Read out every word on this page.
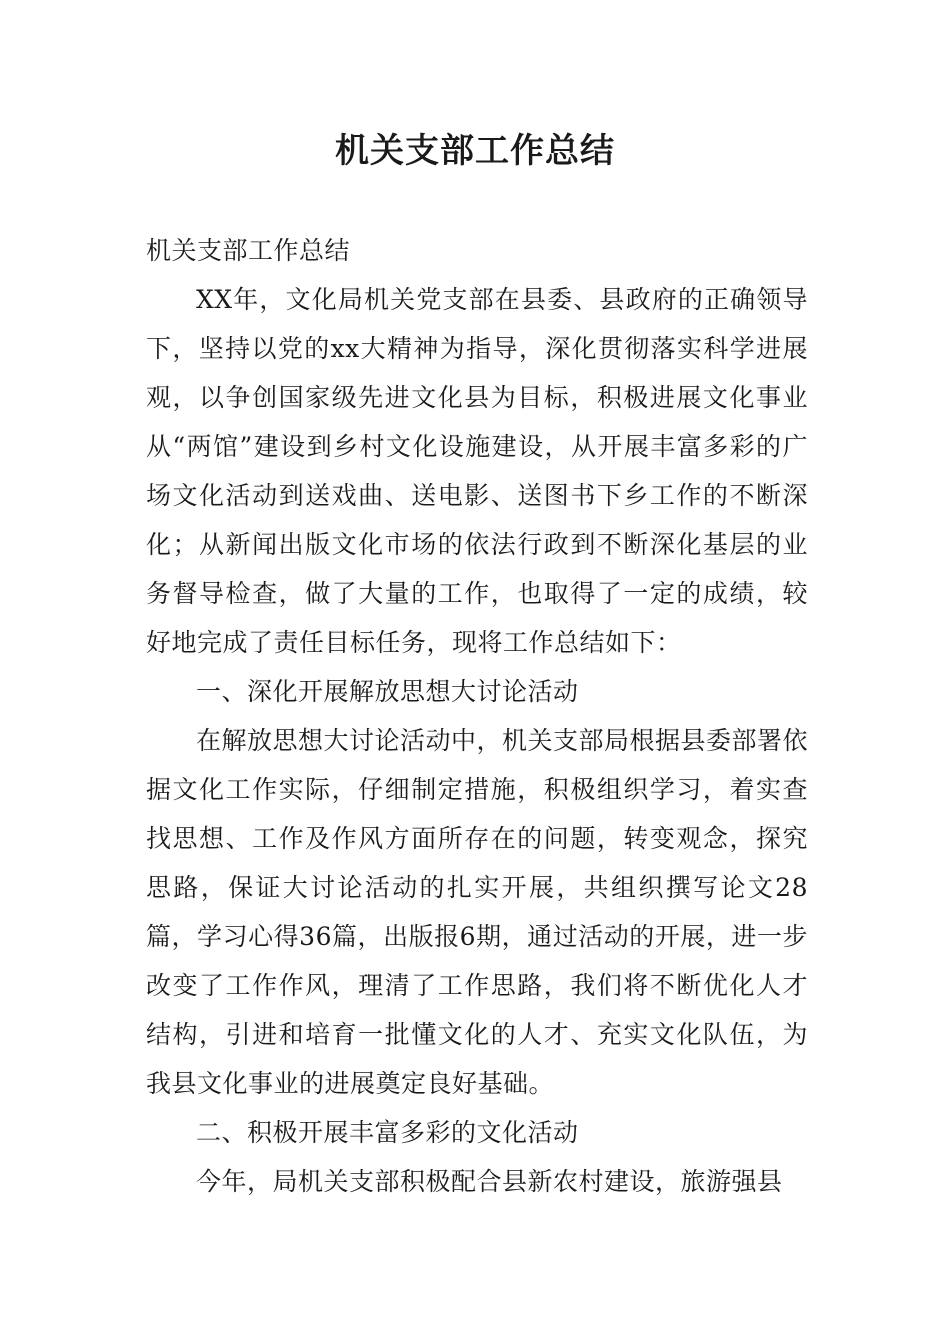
机关支部工作总结

机关支部工作总结

XX年，文化局机关党支部在县委、县政府的正确领导下，坚持以党的xx大精神为指导，深化贯彻落实科学进展观，以争创国家级先进文化县为目标，积极进展文化事业从“两馆”建设到乡村文化设施建设，从开展丰富多彩的广场文化活动到送戏曲、送电影、送图书下乡工作的不断深化；从新闻出版文化市场的依法行政到不断深化基层的业务督导检查，做了大量的工作，也取得了一定的成绩，较好地完成了责任目标任务，现将工作总结如下：

一、深化开展解放思想大讨论活动

在解放思想大讨论活动中，机关支部局根据县委部署依据文化工作实际，仔细制定措施，积极组织学习，着实查找思想、工作及作风方面所存在的问题，转变观念，探究思路，保证大讨论活动的扎实开展，共组织撰写论文28篇，学习心得36篇，出版报6期，通过活动的开展，进一步改变了工作作风，理清了工作思路，我们将不断优化人才结构，引进和培育一批懂文化的人才、充实文化队伍，为我县文化事业的进展奠定良好基础。

二、积极开展丰富多彩的文化活动

今年，局机关支部积极配合县新农村建设，旅游强县
